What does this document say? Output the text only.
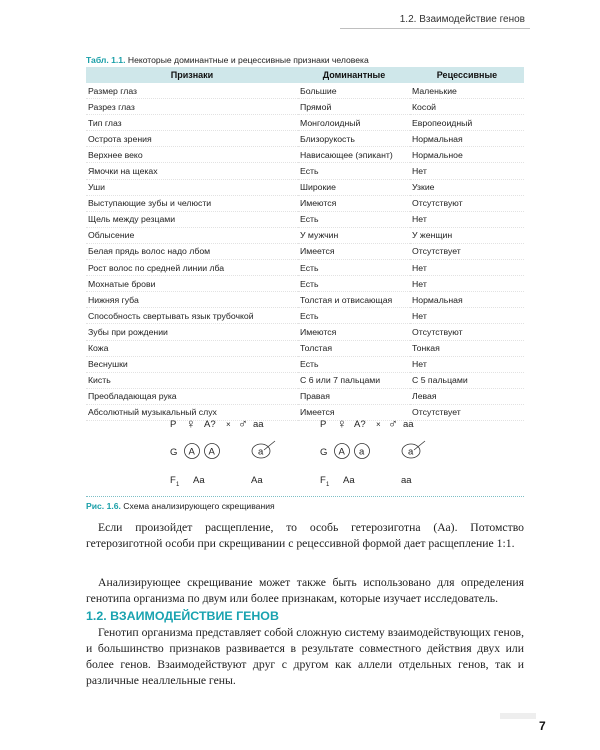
1.2. Взаимодействие генов
Табл. 1.1. Некоторые доминантные и рецессивные признаки человека
Признаки	Доминантные	Рецессивные
Размер глаз	Большие	Маленькие
Разрез глаз	Прямой	Косой
Тип глаз	Монголоидный	Европеоидный
Острота зрения	Близорукость	Нормальная
Верхнее веко	Нависающее (эпикант)	Нормальное
Ямочки на щеках	Есть	Нет
Уши	Широкие	Узкие
Выступающие зубы и челюсти	Имеются	Отсутствуют
Щель между резцами	Есть	Нет
Облысение	У мужчин	У женщин
Белая прядь волос надо лбом	Имеется	Отсутствует
Рост волос по средней линии лба	Есть	Нет
Мохнатые брови	Есть	Нет
Нижняя губа	Толстая и отвисающая	Нормальная
Способность свертывать язык трубочкой	Есть	Нет
Зубы при рождении	Имеются	Отсутствуют
Кожа	Толстая	Тонкая
Веснушки	Есть	Нет
Кисть	С 6 или 7 пальцами	С 5 пальцами
Преобладающая рука	Правая	Левая
Абсолютный музыкальный слух	Имеется	Отсутствует
P ♀ A? × ♂ aa
G A A	a
F 1 Aa	Aa
P ♀ A? × ♂ aa
G A a	a
F 1 Aa	aa
Рис. 1.6. Схема анализирующего скрещивания

Если произойдет расщепление, то особь гетерозиготна (Аа). Потомство гетерозиготной особи при скрещивании с рецессивной формой дает расщепление 1:1.

Анализирующее скрещивание может также быть использовано для определения генотипа организма по двум или более признакам, которые изучает исследователь.

1.2. ВЗАИМОДЕЙСТВИЕ ГЕНОВ

Генотип организма представляет собой сложную систему взаимодействующих генов, и большинство признаков развивается в результате совместного действия двух или более генов. Взаимодействуют друг с другом как аллели отдельных генов, так и различные неаллельные гены.

7
